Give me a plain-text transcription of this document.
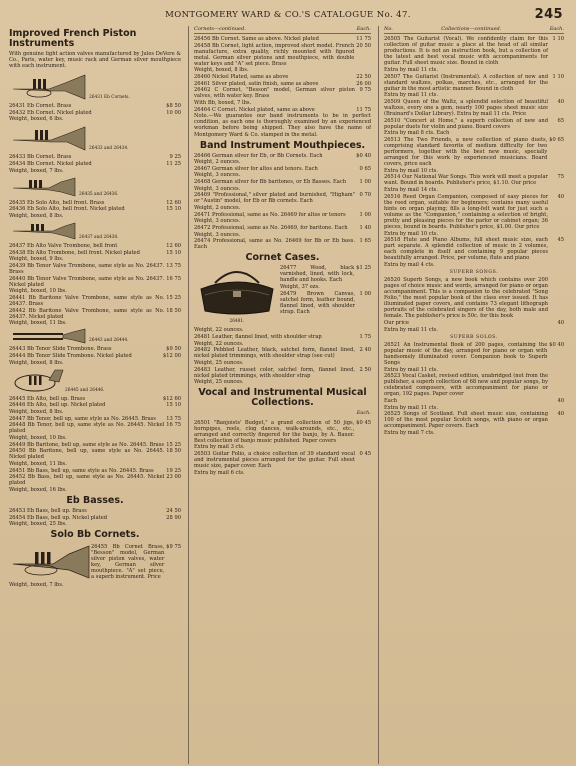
MONTGOMERY WARD & CO.'S CATALOGUE No. 47.	245
Improved French Piston Instruments
With genuine light action valves manufactured by Jules DeVere & Co., Paris, water key, music rack and German silver mouthpiece with each instrument.
26431 Eb Cornets.
26431 Eb Cornet. Brass	$8 50
26432 Eb Cornet. Nickel plated	10 00
Weight, boxed, 6 lbs.
26433 and 26434.
26433 Bb Cornet. Brass	9 25
26434 Bb Cornet. Nickel plated	11 25
Weight, boxed, 7 lbs.
26435 and 26436.
26435 Eb Solo Alto, bell front. Brass	12 60
26436 Eb Solo Alto, bell front. Nickel plated	15 10
Weight, boxed, 8 lbs.
26437 and 26438.
26437 Eb Alto Valve Trombone, bell front	12 60
26438 Eb Alto Trombone, bell front. Nickel plated	15 10
Weight, boxed, 9 lbs.
26439 Bb Tenor Valve Trombone, same style as No. 26437. Brass
13 75
26440 Bb Tenor Valve Trombone, same style as No. 26437. Nickel plated
16 75
Weight, boxed, 10 lbs.
26441 Bb Baritone Valve Trombone, same style as No. 26437. Brass
15 25
26442 Bb Baritone Valve Trombone, same style as No. 26437. Nickel plated
18 50
Weight, boxed, 11 lbs.
26443 and 26444.
26443 Bb Tenor Slide Trombone. Brass	$9 50
26444 Bb Tenor Slide Trombone. Nickel plated	$12 00
Weight, boxed, 8 lbs.
26445 and 26446.
26445 Eb Alto, bell up. Brass	$12 60
26446 Eb Alto, bell up. Nickel plated	15 10
Weight, boxed, 8 lbs.
26447 Bb Tenor, bell up, same style as No. 26445. Brass	13 75
26448 Bb Tenor, bell up, same style as No. 26445. Nickel plated
16 75
Weight, boxed, 10 lbs.
26449 Bb Baritone, bell up, same style as No. 26445. Brass 15 25
26450 Bb Baritone, bell up, same style as No. 26445. Nickel plated
18 50
Weight, boxed, 11 lbs.
26451 Bb Bass, bell up, same style as No. 26445. Brass	19 25
26452 Bb Bass, bell up, same style as No. 26445. Nickel plated
23 00
Weight, boxed, 16 lbs.
Eb Basses.
26453 Eb Bass, bell up. Brass	24 50
26454 Eb Bass, bell up. Nickel plated	28 90
Weight, boxed, 25 lbs.
Solo Bb Cornets.
26455 Bb Cornet Brass, "Besson" model, German silver piston valves, water key, German silver mouthpiece. "A" set piece, a superb instrument. Price
$9 75
Weight, boxed, 7 lbs.
Cornets—continued.	Each.
26456 Bb Cornet. Same as above. Nickel plated	11 75
26458 Bb Cornet, light action, improved short model. French manufacture, extra quality, richly mounted with figured metal. German silver pistons and mouthpiece, with double water keys and "A" set piece. Brass
20 50
Weight, boxed, 8 lbs.
26460 Nickel Plated, same as above	22 50
26461 Silver plated, satin finish, same as above	26 00
26462 C Cornet, "Besson" model, German silver piston valves, with water key. Brass
9 75
With Bb, boxed, 7 lbs.
26464 C Cornet. Nickel plated, same as above	11 75
Note.—We guarantee our band instruments to be in perfect condition, as each one is thoroughly examined by an experienced workman before being shipped. They also have the name of Montgomery Ward & Co. stamped in the metal.
Band Instrument Mouthpieces.
26466 German silver for Eb, or Bb Cornets. Each	$0 40
Weight, 2 ounces.
26467 German silver for altos and tenors. Each	0 65
Weight, 3 ounces.
26468 German silver for Bb baritones, or Eb Basses. Each	1 00
Weight, 3 ounces.
26469 "Professional," silver plated and burnished, "Higham" or "Austin" model, for Eb or Bb cornets. Each
0 70
Weight, 2 ounces.
26471 Professional, same as No. 26469 for altos or tenors	1 00
Weight, 3 ounces.
26472 Professional, same as No. 26469, for baritone. Each	1 40
Weight, 3 ounces.
26474 Professional, same as No. 26469 for Bb or Eb bass. Each
1 65
Cornet Cases.
26481.
26477 Wood, black varnished, lined, with lock, handle and hooks. Each
$1 25
Weight, 37 ozs.
26479 Brown Canvas, satchel form, leather bound, flannel lined, with shoulder strap. Each
1 00
Weight, 22 ounces.
26481 Leather, flannel lined, with shoulder strap	1 75
Weight, 22 ounces.
26482 Pebbled Leather, black, satchel form, flannel lined, nickel plated trimmings, with shoulder strap (see cut)
2 40
Weight, 25 ounces.
26483 Leather, russet color, satchel form, flannel lined, nickel plated trimmings, with shoulder strap
2 50
Weight, 25 ounces.
Vocal and Instrumental Musical Collections.
Each.
26501 "Banjoists' Budget," a grand collection of 50 jigs, hornpipes, reels, clog dances, walk-arounds, etc., etc., arranged and correctly fingered for the banjo, by A. Bauer. Best collection of banjo music published. Paper covers
$0 45
Extra by mail 3 cts.
26503 Guitar Folio, a choice collection of 39 standard vocal and instrumental pieces arranged for the guitar. Full sheet music size, paper cover. Each
0 45
Extra by mail 6 cts.
No.	Collections—continued.	Each.
26505 The Guitarist (Vocal). We confidently claim for this collection of guitar music a place at the head of all similar productions. It is not an instruction book, but a collection of the latest and best vocal music with accompaniments for guitar. Full sheet music size. Bound in cloth
1 10
Extra by mail 11 cts.
26507 The Guitarist (Instrumental). A collection of new and standard waltzes, polkas, marches, etc., arranged for the guitar in the most artistic manner. Bound in cloth
1 10
Extra by mail 11 cts.
26509 Queen of the Waltz, a splendid selection of beautiful waltzes, every one a gem, nearly 100 pages sheet music size (Brainard's Dollar Library). Extra by mail 11 cts. Price
40
26510 "Concert at Home," a superb collection of new and popular duets for violin and piano. Board covers
65
Extra by mail 8 cts. Each
26513 The Two Friends, a new collection of piano duets, comprising standard favorite of medium difficulty for two performers, together with the best new music, specially arranged for this work by experienced musicians. Board covers, price each
$0 65
Extra by mail 10 cts.
26514 Our National War Songs. This work will meet a popular want. Bound in boards. Publisher's price, $1.10. Our price
75
Extra by mail 14 cts.
26516 Reed Organ Companion, composed of easy pieces for the reed organ, suitable for beginners; contains many useful hints on organ playing; fills a long-felt want for just such a volume as the "Companion," containing a selection of bright, pretty and pleasing pieces for the parlor or cabinet organ; 36 pieces, bound in boards. Publisher's price, $1.00. Our price
40
Extra by mail 10 cts.
26518 Flute and Piano Albums, full sheet music size, each part separate. A splendid collection of music in 2 volumes, each complete in itself and containing 9 popular pieces beautifully arranged. Price, per volume, flute and piano
45
Extra by mail 4 cts.
SUPERB SONGS.
26520 Superb Songs, a new book which contains over 200 pages of choice music and words, arranged for piano or organ accompaniment. This is a companion to the celebrated "Song Folio," the most popular book of the class ever issued. It has illuminated paper covers, and contains 73 elegant lithograph portraits of the celebrated singers of the day, both male and female. The publisher's price is 50c. for this book
Our price	40
Extra by mail 11 cts.
SUPERB SOLOS.
26521 An Instrumental Book of 200 pages, containing the popular music of the day, arranged for piano or organ with handsomely illuminated cover. Companion book to Superb Songs
$0 40
Extra by mail 11 cts.
26523 Vocal Casket, revised edition, unabridged (not from the publisher, a superb collection of 68 new and popular songs, by celebrated composers, with accompaniment for piano or organ, 192 pages. Paper cover
Each	40
Extra by mail 11 cts.
26525 Songs of Scotland. Full sheet music size, containing 100 of the most popular Scotch songs, with piano or organ accompaniment. Paper covers. Each
40
Extra by mail 7 cts.
